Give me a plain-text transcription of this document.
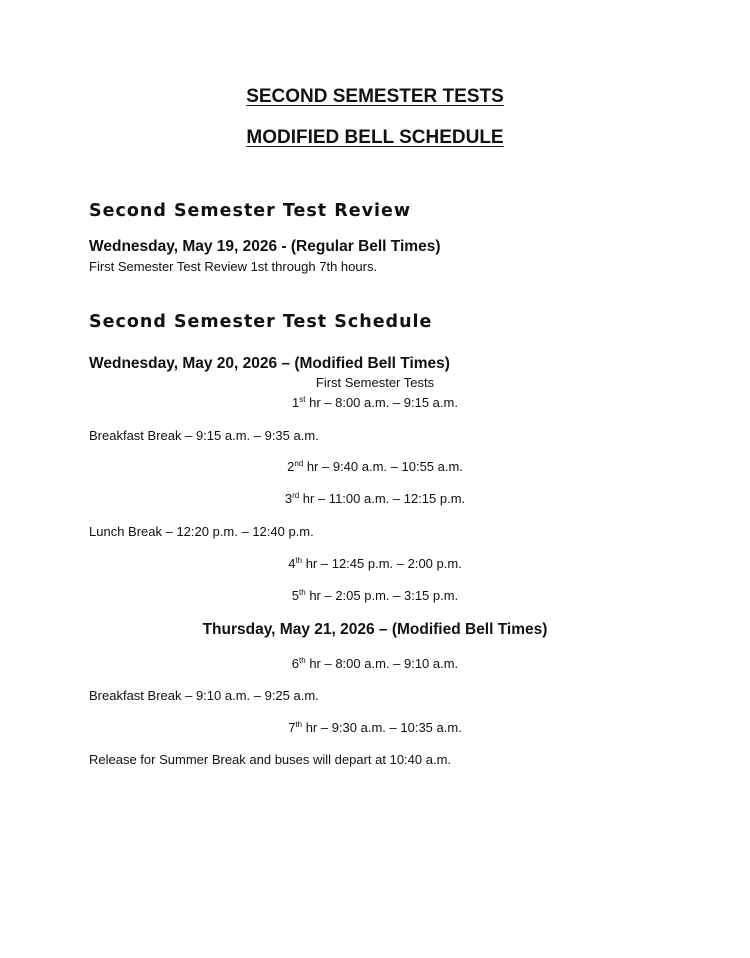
SECOND SEMESTER TESTS
MODIFIED BELL SCHEDULE
Second Semester Test Review
Wednesday, May 19, 2026 - (Regular Bell Times)
First Semester Test Review 1st through 7th hours.
Second Semester Test Schedule
Wednesday, May 20, 2026 – (Modified Bell Times)
First Semester Tests
1st hr – 8:00 a.m. – 9:15 a.m.
Breakfast Break – 9:15 a.m. – 9:35 a.m.
2nd hr – 9:40 a.m. – 10:55 a.m.
3rd hr – 11:00 a.m. – 12:15 p.m.
Lunch Break – 12:20 p.m. – 12:40 p.m.
4th hr – 12:45 p.m. – 2:00 p.m.
5th hr – 2:05 p.m. – 3:15 p.m.
Thursday, May 21, 2026 – (Modified Bell Times)
6th hr – 8:00 a.m. – 9:10 a.m.
Breakfast Break – 9:10 a.m. – 9:25 a.m.
7th hr – 9:30 a.m. – 10:35 a.m.
Release for Summer Break and buses will depart at 10:40 a.m.
